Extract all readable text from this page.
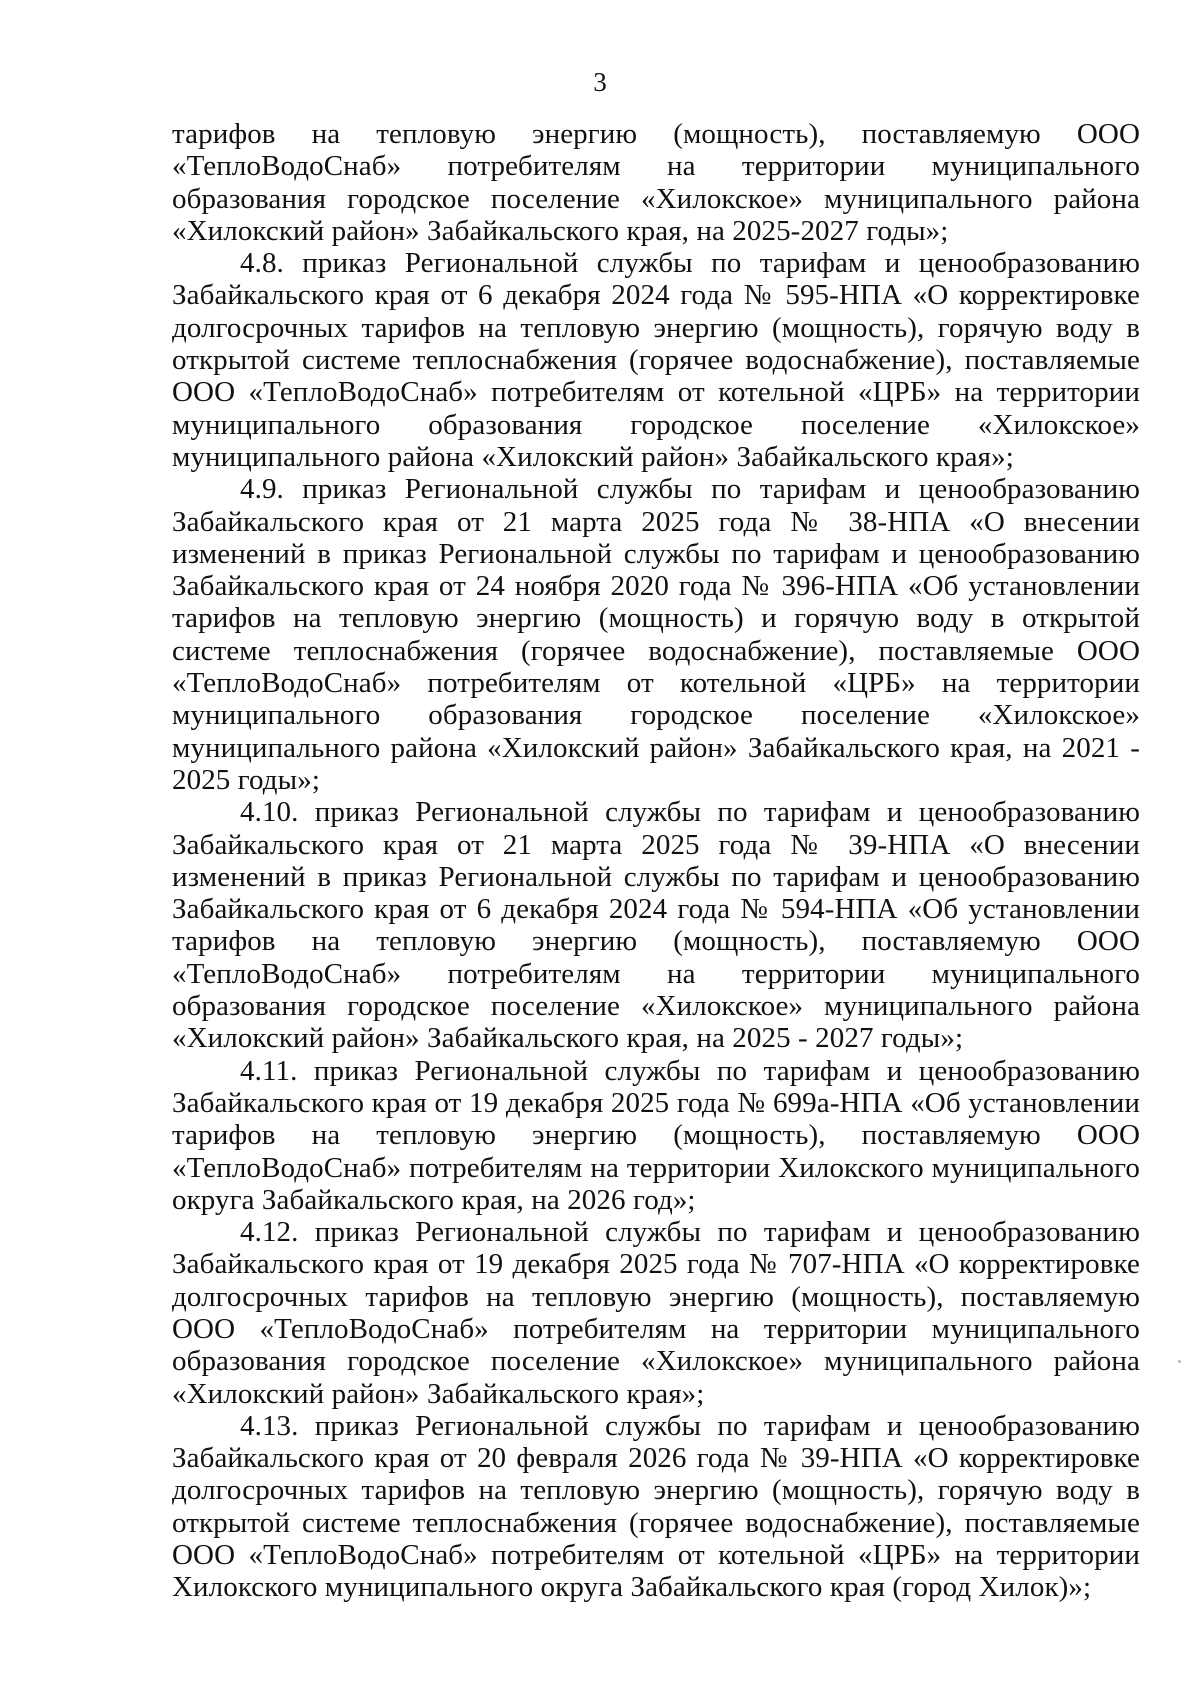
3

тарифов на тепловую энергию (мощность), поставляемую ООО «ТеплоВодоСнаб» потребителям на территории муниципального образования городское поселение «Хилокское» муниципального района «Хилокский район» Забайкальского края, на 2025-2027 годы»;

4.8. приказ Региональной службы по тарифам и ценообразованию Забайкальского края от 6 декабря 2024 года № 595-НПА «О корректировке долгосрочных тарифов на тепловую энергию (мощность), горячую воду в открытой системе теплоснабжения (горячее водоснабжение), поставляемые ООО «ТеплоВодоСнаб» потребителям от котельной «ЦРБ» на территории муниципального образования городское поселение «Хилокское» муниципального района «Хилокский район» Забайкальского края»;

4.9. приказ Региональной службы по тарифам и ценообразованию Забайкальского края от 21 марта 2025 года № 38-НПА «О внесении изменений в приказ Региональной службы по тарифам и ценообразованию Забайкальского края от 24 ноября 2020 года № 396-НПА «Об установлении тарифов на тепловую энергию (мощность) и горячую воду в открытой системе теплоснабжения (горячее водоснабжение), поставляемые ООО «ТеплоВодоСнаб» потребителям от котельной «ЦРБ» на территории муниципального образования городское поселение «Хилокское» муниципального района «Хилокский район» Забайкальского края, на 2021 - 2025 годы»;

4.10. приказ Региональной службы по тарифам и ценообразованию Забайкальского края от 21 марта 2025 года № 39-НПА «О внесении изменений в приказ Региональной службы по тарифам и ценообразованию Забайкальского края от 6 декабря 2024 года № 594-НПА «Об установлении тарифов на тепловую энергию (мощность), поставляемую ООО «ТеплоВодоСнаб» потребителям на территории муниципального образования городское поселение «Хилокское» муниципального района «Хилокский район» Забайкальского края, на 2025 - 2027 годы»;

4.11. приказ Региональной службы по тарифам и ценообразованию Забайкальского края от 19 декабря 2025 года № 699а-НПА «Об установлении тарифов на тепловую энергию (мощность), поставляемую ООО «ТеплоВодоСнаб» потребителям на территории Хилокского муниципального округа Забайкальского края, на 2026 год»;

4.12. приказ Региональной службы по тарифам и ценообразованию Забайкальского края от 19 декабря 2025 года № 707-НПА «О корректировке долгосрочных тарифов на тепловую энергию (мощность), поставляемую ООО «ТеплоВодоСнаб» потребителям на территории муниципального образования городское поселение «Хилокское» муниципального района «Хилокский район» Забайкальского края»;

4.13. приказ Региональной службы по тарифам и ценообразованию Забайкальского края от 20 февраля 2026 года № 39-НПА «О корректировке долгосрочных тарифов на тепловую энергию (мощность), горячую воду в открытой системе теплоснабжения (горячее водоснабжение), поставляемые ООО «ТеплоВодоСнаб» потребителям от котельной «ЦРБ» на территории Хилокского муниципального округа Забайкальского края (город Хилок)»;
